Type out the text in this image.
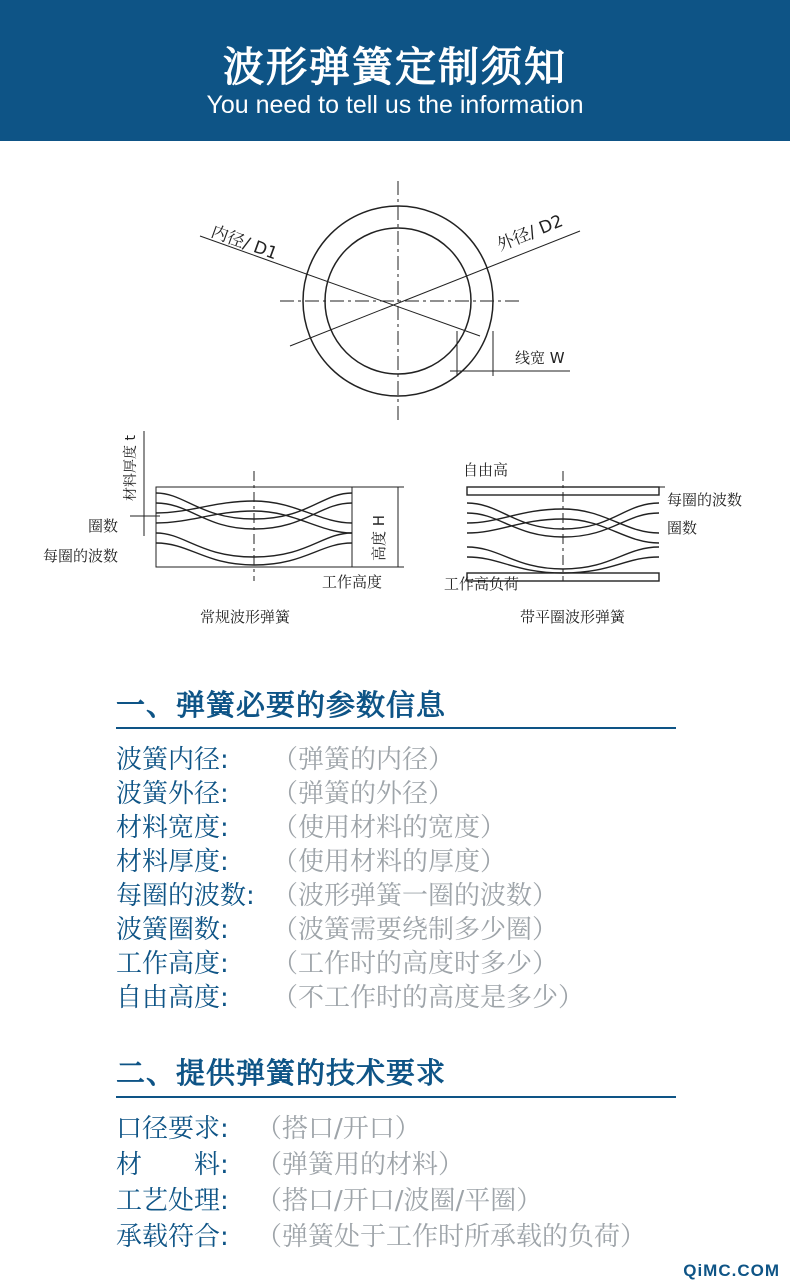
波形弹簧定制须知
You need to tell us the information
内径/ D1	外径/ D2
线宽 W
材料厚度 t
圈数
每圈的波数	高度 H
工作高度
常规波形弹簧
自由高
每圈的波数
圈数
工作高负荷
带平圈波形弹簧
一、弹簧必要的参数信息
波簧内径: （弹簧的内径）
波簧外径: （弹簧的外径）
材料宽度: （使用材料的宽度）
材料厚度: （使用材料的厚度）
每圈的波数: （波形弹簧一圈的波数）
波簧圈数: （波簧需要绕制多少圈）
工作高度: （工作时的高度时多少）
自由高度: （不工作时的高度是多少）
二、提供弹簧的技术要求
口径要求: （搭口/开口）
材　　料: （弹簧用的材料）
工艺处理: （搭口/开口/波圈/平圈）
承载符合: （弹簧处于工作时所承载的负荷）
QiMC.COM
